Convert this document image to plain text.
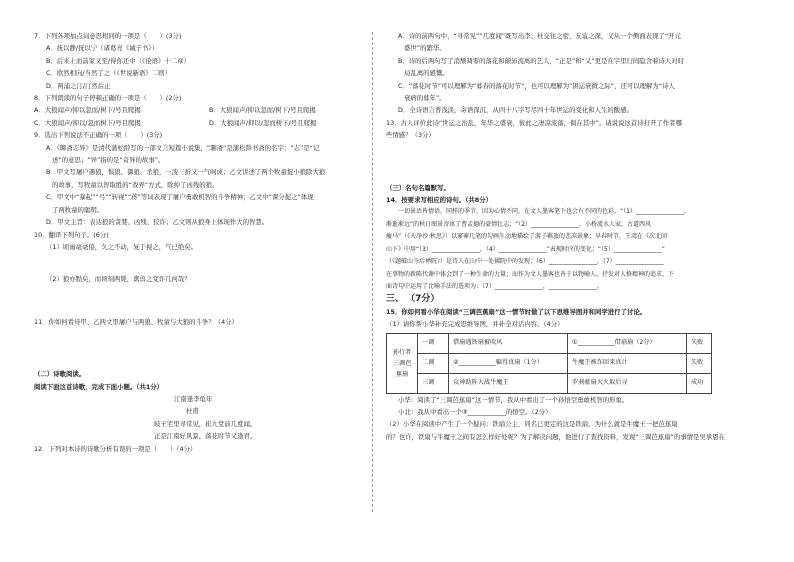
7．下列各项加点词意思相同的一项是（　　）(3分)
A．抚以静/抚以宁（诸葛亮《诫子书》）
B．后来上而前家又至/得你还中（《论语》十二章）
C．欧然相向/当然了之（《世说新语》二则）
D．两浦之汀/汀然后止
8．下列朗读的句子停顿正确的一项是（　　）(2分)
A．大狼闻声/抑以忽而/树下/号且爬揭	B．大狼闻声/抑以忽而/树下/号且爬揭
C．大狼闻声/抑以/忽而树下/号且爬揭	D．大狼闻声/抑以/忽而树下/号且爬揭
9．选出下列说法不正确的一项（　　）(3分)
A．《聊斋志异》是清代蒲松龄写的一部文言短篇小说集，“聊斋”是蒲松龄书斋的名字；“志”是“记
述”的意思；“异”指的是“奇异的故事”。
B．甲文写屠户遇狼，惧狼、御狼、杀狼，一波三折又一气呵成；乙文讲述了两个牧童捉小狼除大狼
的故事，写牧童以智取胜的“戏弄”方式，除掉了凶残的狼。
C．甲文中“暴起”“弓”“转视”“蒋”等词表现了屠户勇敢机智的斗争精神；乙文中“课分捉之”体现
了两牧童的聪明。
D．甲文主旨：表达狼的贪婪、凶残、狡诈；乙文则从狼身上体现作大的智慧。
10．翻译下列句子。(6分)
（1）顷雨毫毫倦，久之不动，复于视之，气已绝矣。
（2）狼亦黠矣，而顷刻两毙，禽兽之变诈几何哉？
11．你如何看待甲、乙两文里屠户与两狼、牧童与大狼的斗争？（4分）
（二）诗歌阅读。
阅读下面这首诗歌，完成下面小题。（共1分）
江南逢李龟年
杜甫
岐王宅里寻常见，崔九堂前几度闻。
正是江南好风景，落花时节又逢君。
12．下列对本诗的诗歌分析有误的一项是（　　）（4分）
A．诗的前两句中，“寻常见”“几度闻”既写出李、杜交往之密，友谊之深，又从一个侧面表现了“开元
盛世”的繁华。
B．诗的后两句写了消颓凋零的落花和颠沛流离的艺人，“正是”和“又”更是在字里行间隐含着诗人对时
局乱离的感慨。
C．“落花时节”可以理解为“暮春的落花时节”，也可以理解为“困运衰微之际”，还可以理解为“诗人
衰病的暮年”。
D．全诗语言普浅淡，寄语深沉，从四十八字写尽四十年世运的变化和人生的酸感。
13．古人评价此诗“世运之治乱，年华之盛衰，彼此之凄凉流落，俱在其中”。请说说这首诗打开了作者哪
些情感？（3分）
（三）名句名篇默写。
14．按要求写相应的诗句。（共8分）
一切景语皆情语。同样的季节，因为心情不同，在文人墨客笔下也会有不同的色彩。“（1）________________，
渐逝渐远”的秋日图景寄寓了曹孟德的豪情壮志；“（2）________________，小桥流水人家，古道西风
瘦马”（《天净沙·秋思》）以寥寥几笔的勾画生动地描绘了游子羁旅的悲凉景象；早春时节，王湾在《次北固
山下》中用“（3）________________，（4）________________”表现时序的变化；“（5）________________”
（《题破山寺后禅院》）是诗人在山中一处佛院中的发现；（6）________________，（7）________________
在事物的新陈代谢中体会到了一种生命的力量；而作为文人墨客也善于以物喻人，抒发对人格精神的追求，下
面诗句中运用了比喻手法的选项为：（7）________________，________________。
三、 （7分）
15．你如何看小华在阅读“三调芭蕉扇”这一情节时做了以下思维导图并和同学进行了讨论。
（1）请你帮小华补充完成思维导图，并补全对话内容。（4分）
孙行者三调芭蕉扇	一调	借扇遇铁扇被吹风	①____________借扇扇（2分）	失败
	二调	②____________骗得真扇（1分）	牛魔王被诈回来真计	失败
	三调	众神助阵大战牛魔王	罗刹献扇灭火取后寻	成功
小华：阅读了“三调芭蕉扇”这一情节，我从中看出了一个孙悟空勇敢机智的形象。
小北：我从中看出一个③____________的悟空。（2分）
（2）小华在阅读中产生了一个疑问：铁扇公主，同名已更定的这是铁扇，为什么就是牛魔王一把芭蕉扇
的？也许，铁扇与牛魔王之间有怎么样好处呢？为了解决问题，他进行了查找资料，发现“三调芭蕉扇”的事情是吴承恩在
